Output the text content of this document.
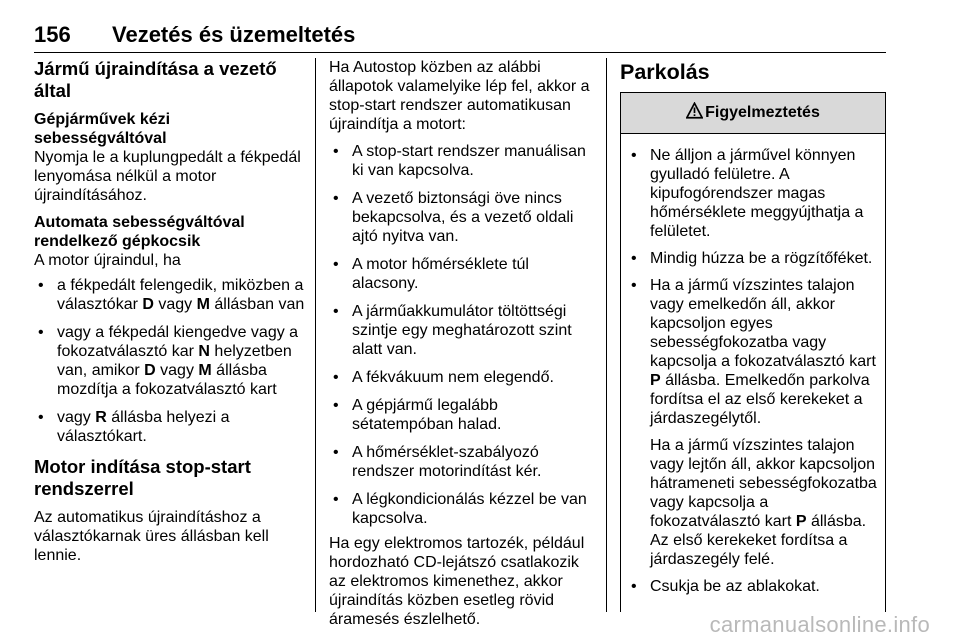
156 Vezetés és üzemeltetés
Jármű újraindítása a vezető által
Gépjárművek kézi sebességváltóval

Nyomja le a kuplungpedált a fékpedál lenyomása nélkül a motor újraindításához.

Automata sebességváltóval rendelkező gépkocsik

A motor újraindul, ha

• a fékpedált felengedik, miközben a választókar D vagy M állásban van
• vagy a fékpedál kiengedve vagy a fokozatválasztó kar N helyzetben van, amikor D vagy M állásba mozdítja a fokozatválasztó kart
• vagy R állásba helyezi a választókart.
Motor indítása stop-start rendszerrel

Az automatikus újraindításhoz a választókarnak üres állásban kell lennie.

Ha Autostop közben az alábbi állapotok valamelyike lép fel, akkor a stop-start rendszer automatikusan újraindítja a motort:

• A stop-start rendszer manuálisan ki van kapcsolva.
• A vezető biztonsági öve nincs bekapcsolva, és a vezető oldali ajtó nyitva van.
• A motor hőmérséklete túl alacsony.
• A járműakkumulátor töltöttségi szintje egy meghatározott szint alatt van.
• A fékvákuum nem elegendő.
• A gépjármű legalább sétatempóban halad.
• A hőmérséklet-szabályozó rendszer motorindítást kér.
• A légkondicionálás kézzel be van kapcsolva.

Ha egy elektromos tartozék, például hordozható CD-lejátszó csatlakozik az elektromos kimenethez, akkor újraindítás közben esetleg rövid áramesés észlelhető.

Parkolás
Figyelmeztetés
• Ne álljon a járművel könnyen gyulladó felületre. A kipufogórendszer magas hőmérséklete meggyújthatja a felületet.
• Mindig húzza be a rögzítőféket.
• Ha a jármű vízszintes talajon vagy emelkedőn áll, akkor kapcsoljon egyes sebességfokozatba vagy kapcsolja a fokozatválasztó kart P állásba. Emelkedőn parkolva fordítsa el az első kerekeket a járdaszegélytől.
Ha a jármű vízszintes talajon vagy lejtőn áll, akkor kapcsoljon hátrameneti sebességfokozatba vagy kapcsolja a fokozatválasztó kart P állásba. Az első kerekeket fordítsa a járdaszegély felé.
• Csukja be az ablakokat.
carmanualsonline.info
